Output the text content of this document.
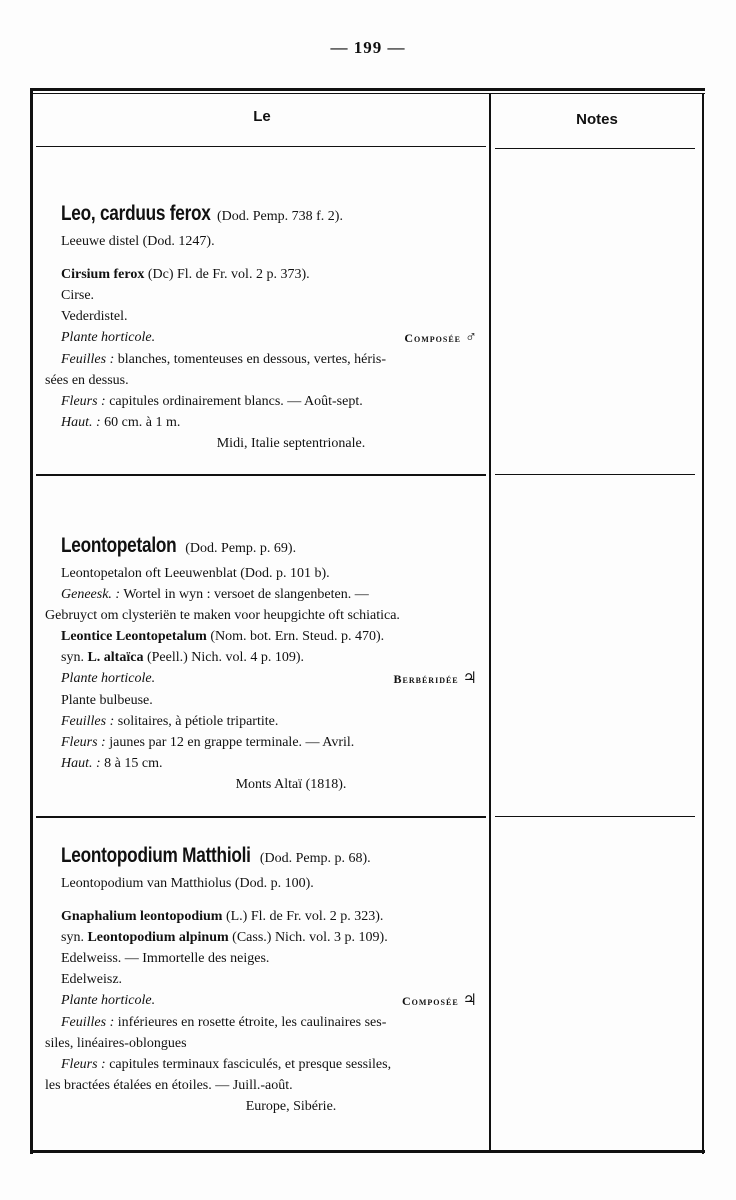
— 199 —
Le	Notes
Leo, carduus ferox (Dod. Pemp. 738 f. 2).
Leeuwe distel (Dod. 1247).
Cirsium ferox (Dc) Fl. de Fr. vol. 2 p. 373).
Cirse.
Vederdistel.
Plante horticole.	Composée ♂
Feuilles : blanches, tomenteuses en dessous, vertes, héris-
sées en dessus.
Fleurs : capitules ordinairement blancs. — Août-sept.
Haut. : 60 cm. à 1 m.
Midi, Italie septentrionale.
Leontopetalon (Dod. Pemp. p. 69).
Leontopetalon oft Leeuwenblat (Dod. p. 101 b).
Geneesk. : Wortel in wyn : versoet de slangenbeten. —
Gebruyct om clysteriën te maken voor heupgichte oft schiatica.
Leontice Leontopetalum (Nom. bot. Ern. Steud. p. 470).
syn. L. altaïca (Peell.) Nich. vol. 4 p. 109).
Plante horticole.	Berbéridée ♃
Plante bulbeuse.
Feuilles : solitaires, à pétiole tripartite.
Fleurs : jaunes par 12 en grappe terminale. — Avril.
Haut. : 8 à 15 cm.
Monts Altaï (1818).
Leontopodium Matthioli (Dod. Pemp. p. 68).
Leontopodium van Matthiolus (Dod. p. 100).
Gnaphalium leontopodium (L.) Fl. de Fr. vol. 2 p. 323).
syn. Leontopodium alpinum (Cass.) Nich. vol. 3 p. 109).
Edelweiss. — Immortelle des neiges.
Edelweisz.
Plante horticole.	Composée ♃
Feuilles : inférieures en rosette étroite, les caulinaires ses-
siles, linéaires-oblongues
Fleurs : capitules terminaux fasciculés, et presque sessiles,
les bractées étalées en étoiles. — Juill.-août.
Europe, Sibérie.
